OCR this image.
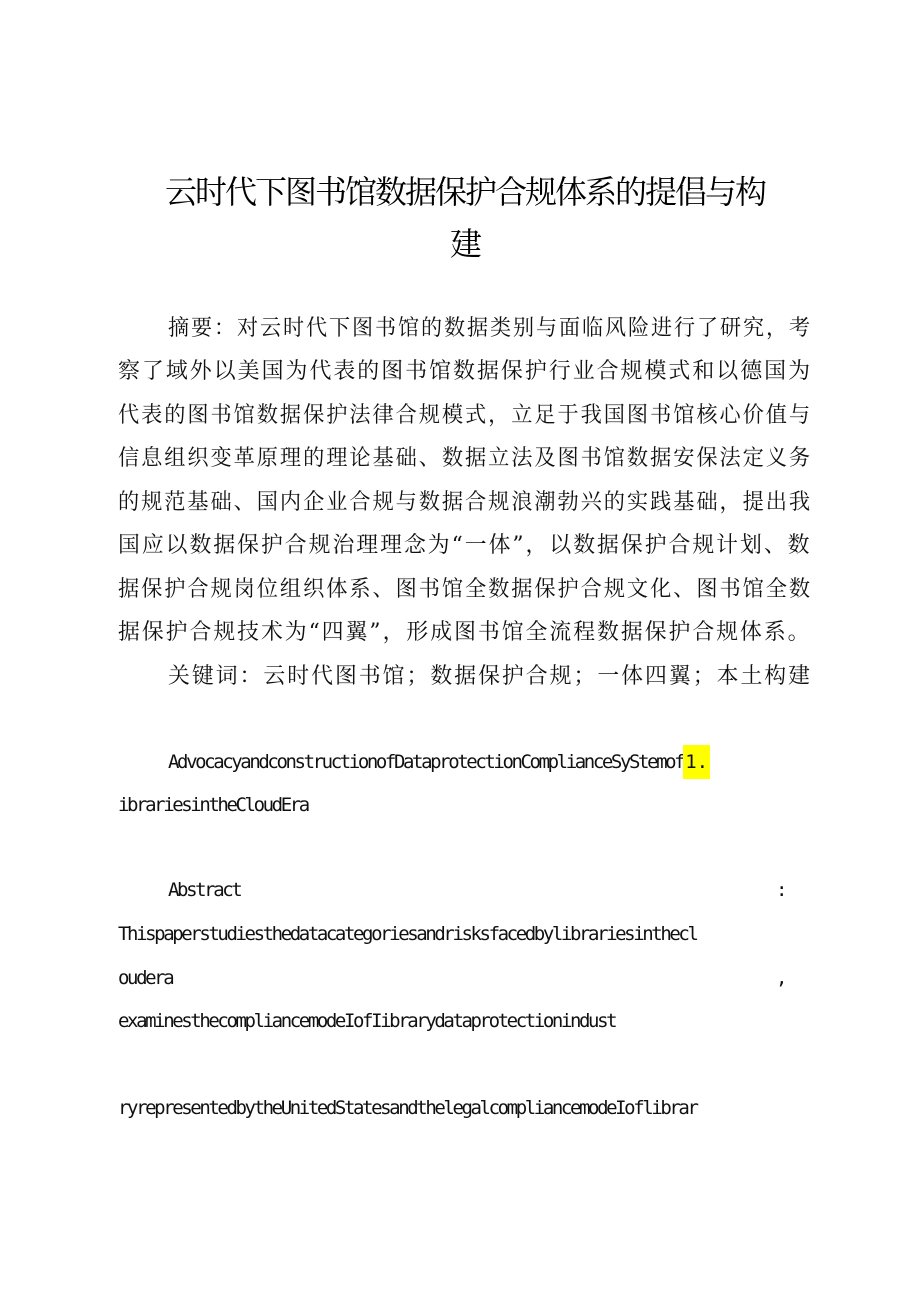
云时代下图书馆数据保护合规体系的提倡与构
建
摘要：对云时代下图书馆的数据类别与面临风险进行了研究，考
察了域外以美国为代表的图书馆数据保护行业合规模式和以德国为
代表的图书馆数据保护法律合规模式，立足于我国图书馆核心价值与
信息组织变革原理的理论基础、数据立法及图书馆数据安保法定义务
的规范基础、国内企业合规与数据合规浪潮勃兴的实践基础，提出我
国应以数据保护合规治理理念为“一体”，以数据保护合规计划、数
据保护合规岗位组织体系、图书馆全数据保护合规文化、图书馆全数
据保护合规技术为“四翼”，形成图书馆全流程数据保护合规体系。
关键词：云时代图书馆；数据保护合规；一体四翼；本土构建
AdvocacyandconstructionofDataprotectionComplianceSyStemof 1.
ibrariesintheCloudEra
Abstract	:
Thispaperstudiesthedatacategoriesandrisksfacedbylibrariesinthecl
oudera	,
examinesthecompliancemodeIofIibrarydataprotectionindust
ryrepresentedbytheUnitedStatesandthelegalcompliancemodeIoflibrar
